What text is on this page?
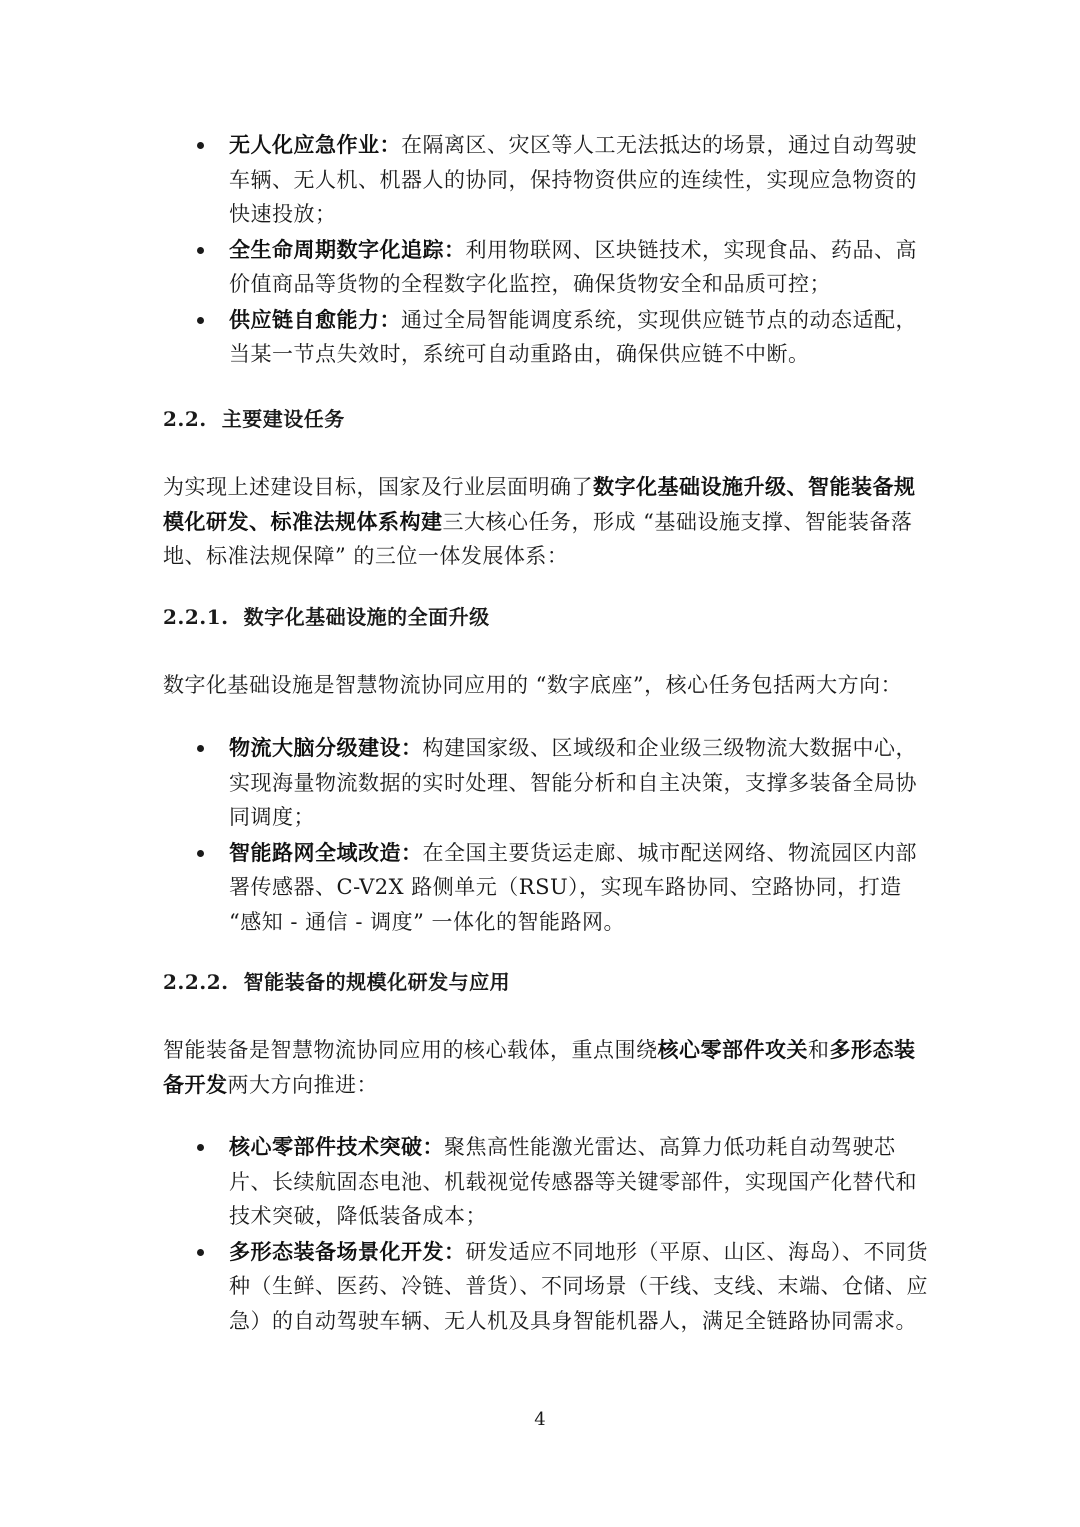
无人化应急作业：在隔离区、灾区等人工无法抵达的场景，通过自动驾驶车辆、无人机、机器人的协同，保持物资供应的连续性，实现应急物资的快速投放；
全生命周期数字化追踪：利用物联网、区块链技术，实现食品、药品、高价值商品等货物的全程数字化监控，确保货物安全和品质可控；
供应链自愈能力：通过全局智能调度系统，实现供应链节点的动态适配，当某一节点失效时，系统可自动重路由，确保供应链不中断。
2.2. 主要建设任务
为实现上述建设目标，国家及行业层面明确了数字化基础设施升级、智能装备规模化研发、标准法规体系构建三大核心任务，形成 “基础设施支撑、智能装备落地、标准法规保障” 的三位一体发展体系：
2.2.1. 数字化基础设施的全面升级
数字化基础设施是智慧物流协同应用的 “数字底座”，核心任务包括两大方向：
物流大脑分级建设：构建国家级、区域级和企业级三级物流大数据中心，实现海量物流数据的实时处理、智能分析和自主决策，支撑多装备全局协同调度；
智能路网全域改造：在全国主要货运走廊、城市配送网络、物流园区内部署传感器、C-V2X 路侧单元（RSU），实现车路协同、空路协同，打造 “感知 - 通信 - 调度” 一体化的智能路网。
2.2.2. 智能装备的规模化研发与应用
智能装备是智慧物流协同应用的核心载体，重点围绕核心零部件攻关和多形态装备开发两大方向推进：
核心零部件技术突破：聚焦高性能激光雷达、高算力低功耗自动驾驶芯片、长续航固态电池、机载视觉传感器等关键零部件，实现国产化替代和技术突破，降低装备成本；
多形态装备场景化开发：研发适应不同地形（平原、山区、海岛）、不同货种（生鲜、医药、冷链、普货）、不同场景（干线、支线、末端、仓储、应急）的自动驾驶车辆、无人机及具身智能机器人，满足全链路协同需求。
4
